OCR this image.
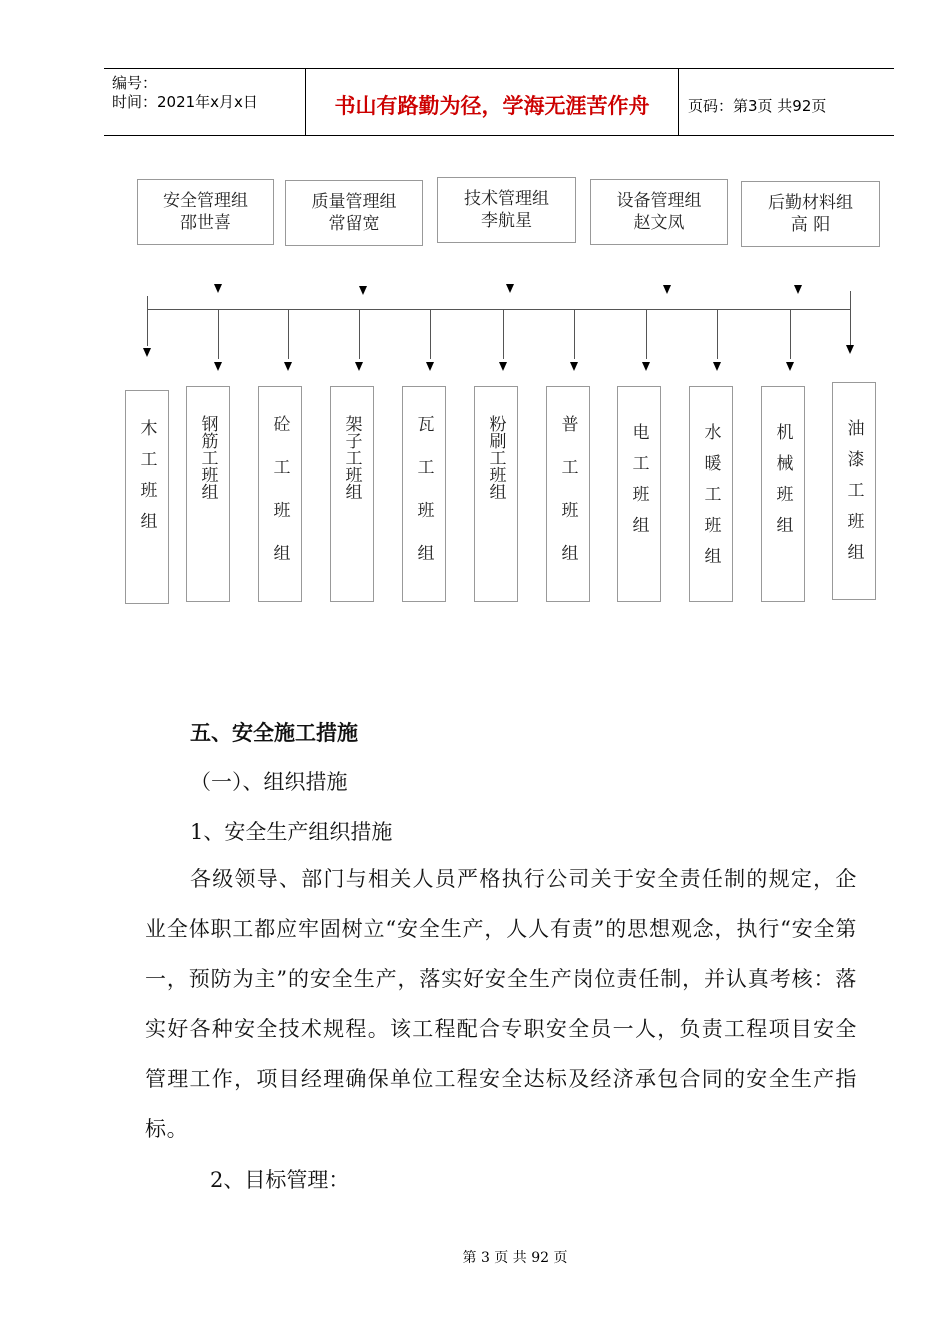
编号：
时间：2021年x月x日	书山有路勤为径，学海无涯苦作舟	页码：第3页 共92页
安全管理组
邵世喜
质量管理组
常留宽
技术管理组
李航星
设备管理组
赵文凤
后勤材料组
高 阳
木工班组 钢筋工班组	砼工班组	架子工班组	瓦工班组	粉刷工班组	普工班组	电工班组	水暖工班组	机械班组	油漆工班组
五、安全施工措施
（一）、组织措施
1、安全生产组织措施
各级领导、部门与相关人员严格执行公司关于安全责任制的规定，企业全体职工都应牢固树立“安全生产，人人有责”的思想观念，执行“安全第一，预防为主”的安全生产，落实好安全生产岗位责任制，并认真考核：落实好各种安全技术规程。该工程配合专职安全员一人，负责工程项目安全管理工作，项目经理确保单位工程安全达标及经济承包合同的安全生产指标。
2、目标管理：
第 3 页 共 92 页
